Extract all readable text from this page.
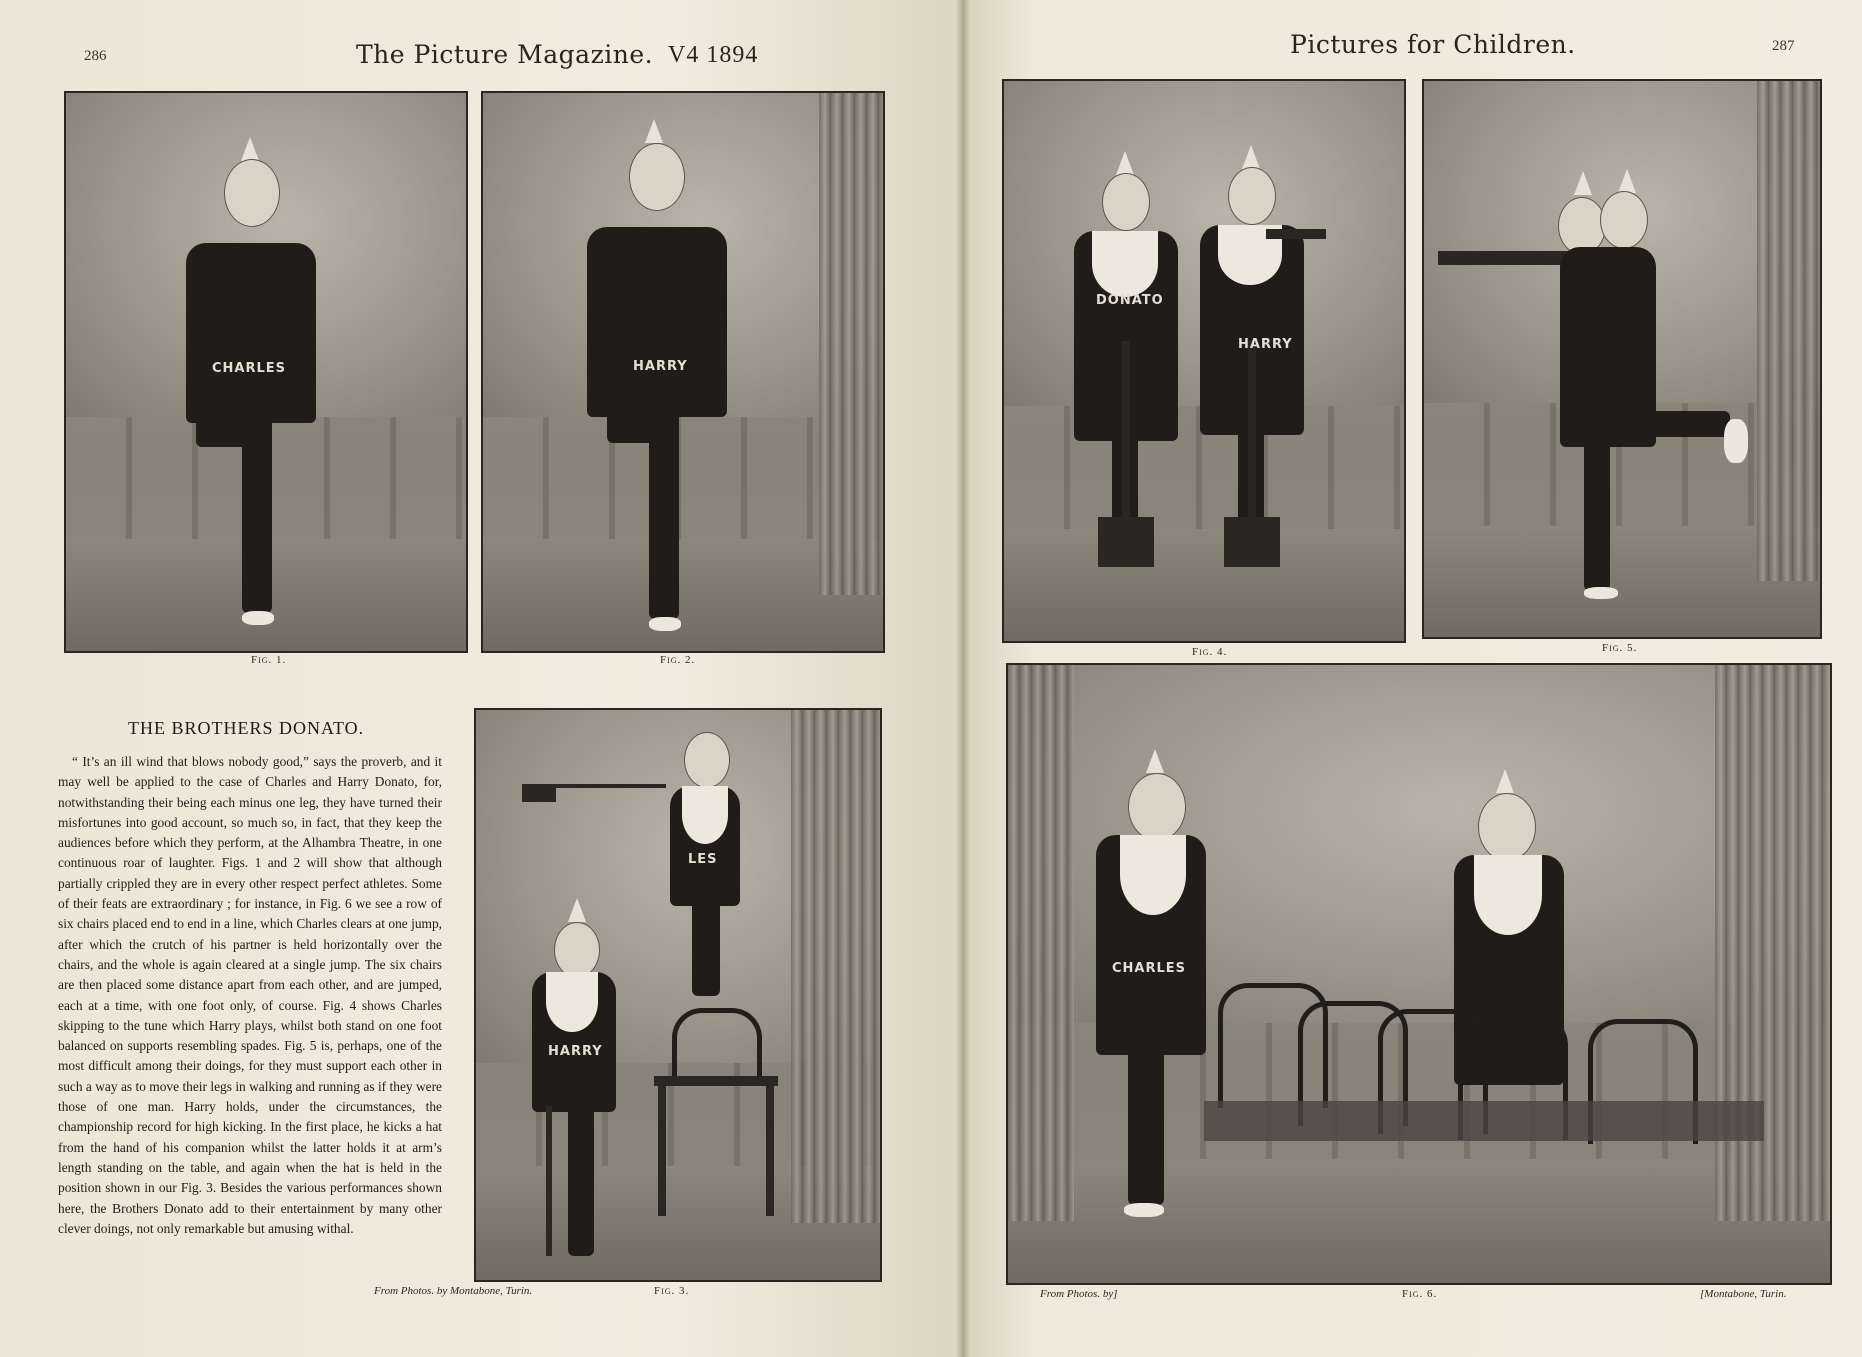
286	The Picture Magazine. V4 1894
CHARLES
Fig. 1.
HARRY
Fig. 2.
THE BROTHERS DONATO.

“ It’s an ill wind that blows nobody good,” says the proverb, and it may well be applied to the case of Charles and Harry Donato, for, notwithstanding their being each minus one leg, they have turned their misfortunes into good account, so much so, in fact, that they keep the audiences before which they perform, at the Alhambra Theatre, in one continuous roar of laughter. Figs. 1 and 2 will show that although partially crippled they are in every other respect perfect athletes. Some of their feats are extraordinary ; for instance, in Fig. 6 we see a row of six chairs placed end to end in a line, which Charles clears at one jump, after which the crutch of his partner is held horizontally over the chairs, and the whole is again cleared at a single jump. The six chairs are then placed some distance apart from each other, and are jumped, each at a time, with one foot only, of course. Fig. 4 shows Charles skipping to the tune which Harry plays, whilst both stand on one foot balanced on supports resembling spades. Fig. 5 is, perhaps, one of the most difficult among their doings, for they must support each other in such a way as to move their legs in walking and running as if they were those of one man. Harry holds, under the circumstances, the championship record for high kicking. In the first place, he kicks a hat from the hand of his companion whilst the latter holds it at arm’s length standing on the table, and again when the hat is held in the position shown in our Fig. 3. Besides the various performances shown here, the Brothers Donato add to their entertainment by many other clever doings, not only remarkable but amusing withal.

LES
HARRY
From Photos. by Montabone, Turin.	Fig. 3.
Pictures for Children.	287
DONATO
HARRY
Fig. 4.	Fig. 5.
CHARLES
From Photos. by]	Fig. 6.	[Montabone, Turin.
